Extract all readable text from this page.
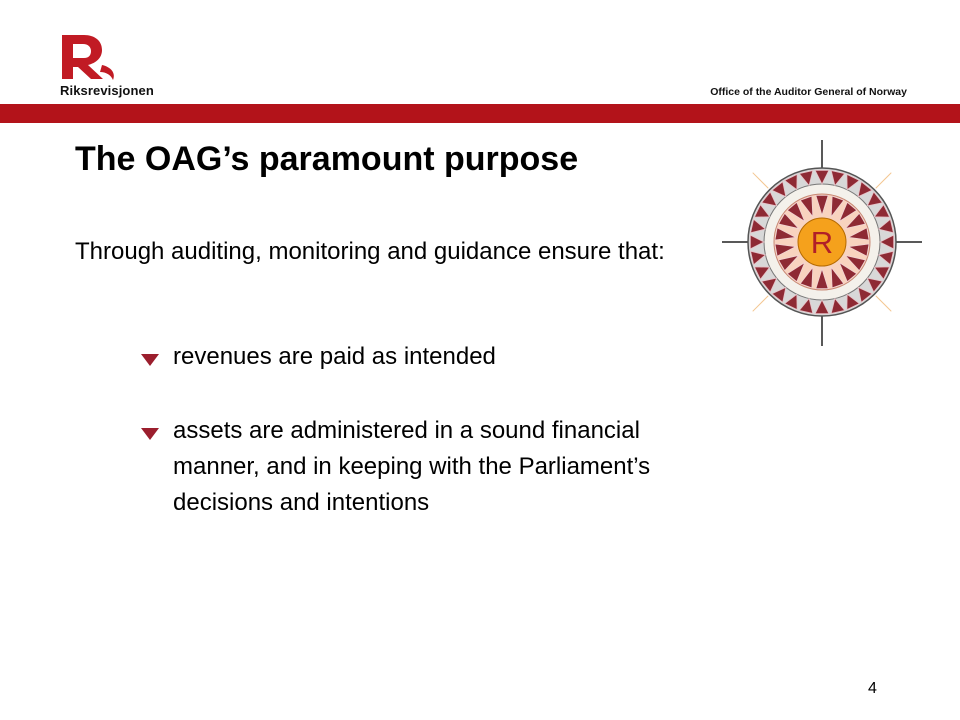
Riksrevisjonen	Office of the Auditor General of Norway
The OAG’s paramount purpose

Through auditing, monitoring and guidance ensure that:

revenues are paid as intended
assets are administered in a sound financial manner, and in keeping with the Parliament’s decisions and intentions
R
4
